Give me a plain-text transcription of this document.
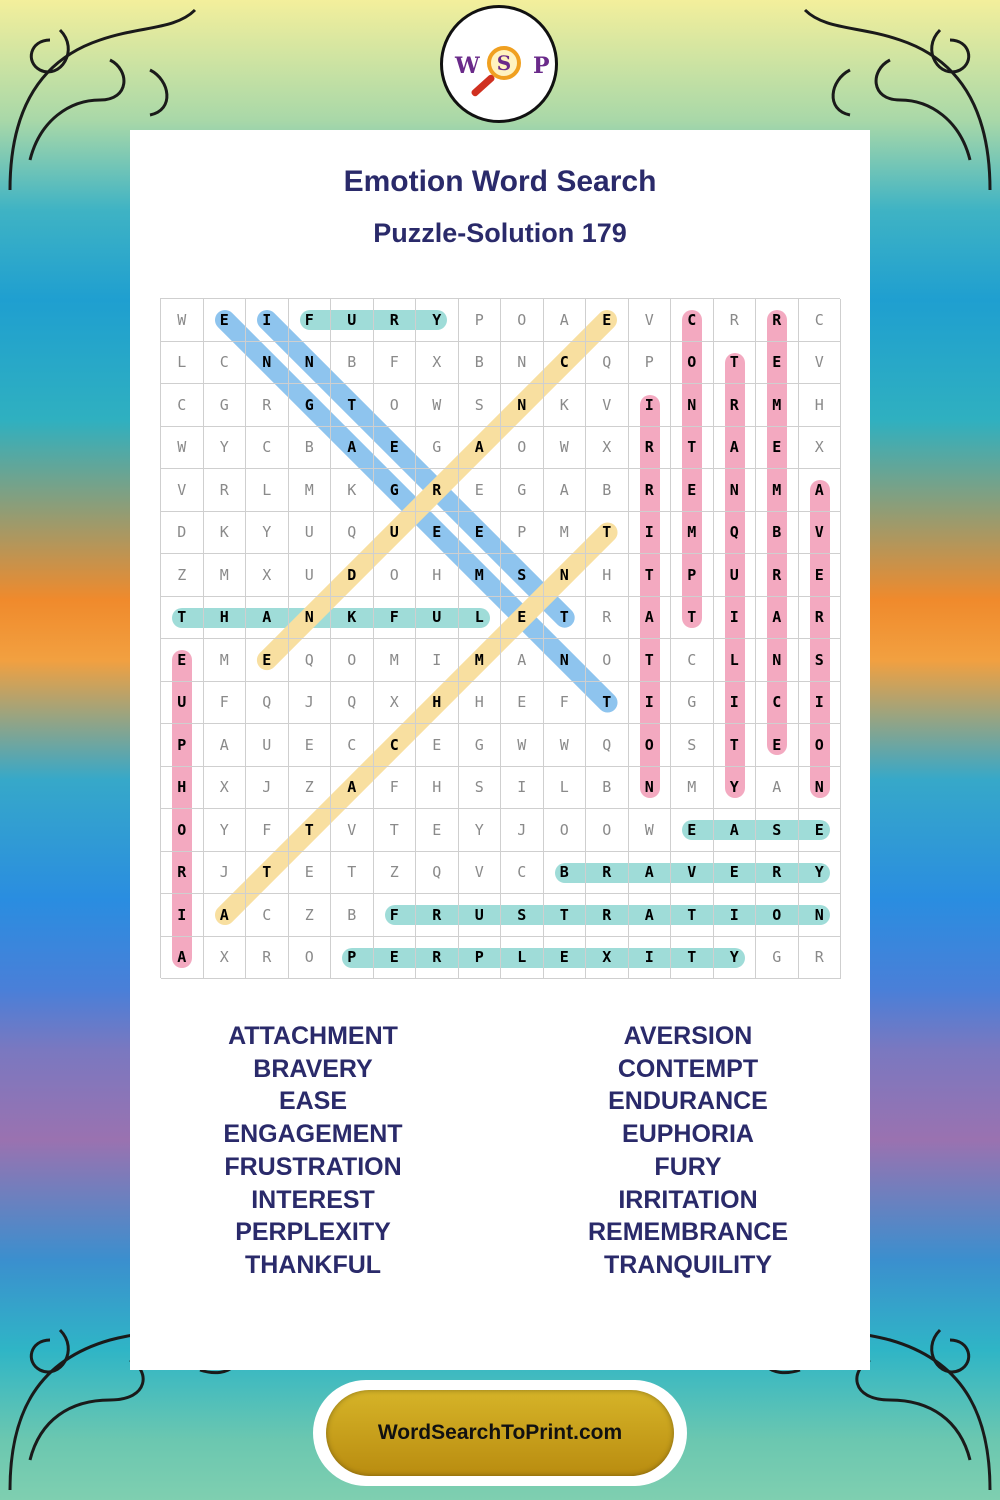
W S P
Emotion Word Search
Puzzle-Solution 179
W	E	I	F	U	R	Y	P	O	A	E	V	C	R	R	C
L	C	N	N	B	F	X	B	N	C	Q	P	O	T	E	V
C	G	R	G	T	O	W	S	N	K	V	I	N	R	M	H
W	Y	C	B	A	E	G	A	O	W	X	R	T	A	E	X
V	R	L	M	K	G	R	E	G	A	B	R	E	N	M	A
D	K	Y	U	Q	U	E	E	P	M	T	I	M	Q	B	V
Z	M	X	U	D	O	H	M	S	N	H	T	P	U	R	E
T	H	A	N	K	F	U	L	E	T	R	A	T	I	A	R
E	M	E	Q	O	M	I	M	A	N	O	T	C	L	N	S
U	F	Q	J	Q	X	H	H	E	F	T	I	G	I	C	I
P	A	U	E	C	C	E	G	W	W	Q	O	S	T	E	O
H	X	J	Z	A	F	H	S	I	L	B	N	M	Y	A	N
O	Y	F	T	V	T	E	Y	J	O	O	W	E	A	S	E
R	J	T	E	T	Z	Q	V	C	B	R	A	V	E	R	Y
I	A	C	Z	B	F	R	U	S	T	R	A	T	I	O	N
A	X	R	O	P	E	R	P	L	E	X	I	T	Y	G	R
ATTACHMENT
BRAVERY
EASE
ENGAGEMENT
FRUSTRATION
INTEREST
PERPLEXITY
THANKFUL
AVERSION
CONTEMPT
ENDURANCE
EUPHORIA
FURY
IRRITATION
REMEMBRANCE
TRANQUILITY
WordSearchToPrint.com
